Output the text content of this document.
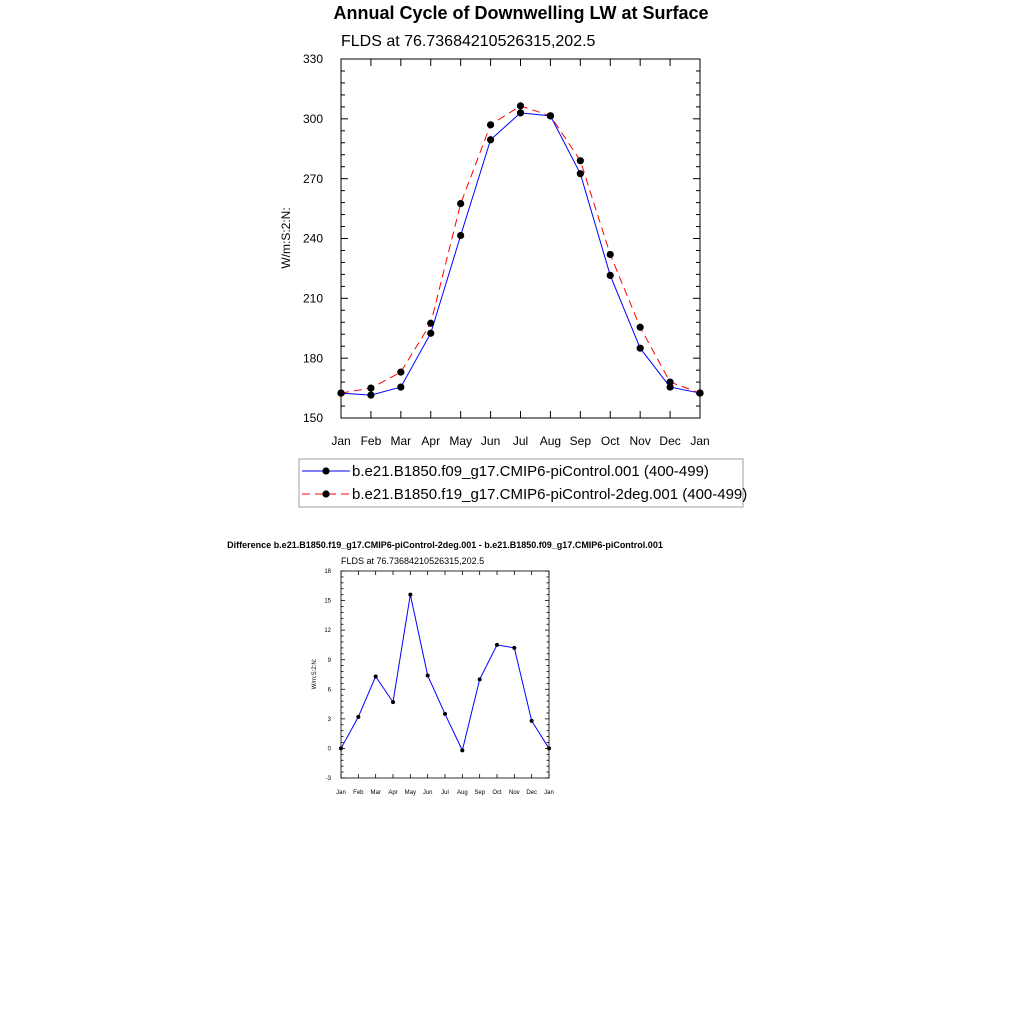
Annual Cycle of Downwelling LW at Surface
FLDS at 76.73684210526315,202.5
W/m:S:2:N:
150
180
210
240
270
300
330
Jan Feb Mar Apr May Jun Jul Aug Sep Oct Nov Dec Jan
b.e21.B1850.f09_g17.CMIP6-piControl.001 (400-499)
b.e21.B1850.f19_g17.CMIP6-piControl-2deg.001 (400-499)
Difference b.e21.B1850.f19_g17.CMIP6-piControl-2deg.001 - b.e21.B1850.f09_g17.CMIP6-piControl.001
FLDS at 76.73684210526315,202.5
W/m:S:2:N:
-3
0
3
6
9
12
15
18
Jan Feb Mar Apr May Jun Jul Aug Sep Oct Nov Dec Jan
